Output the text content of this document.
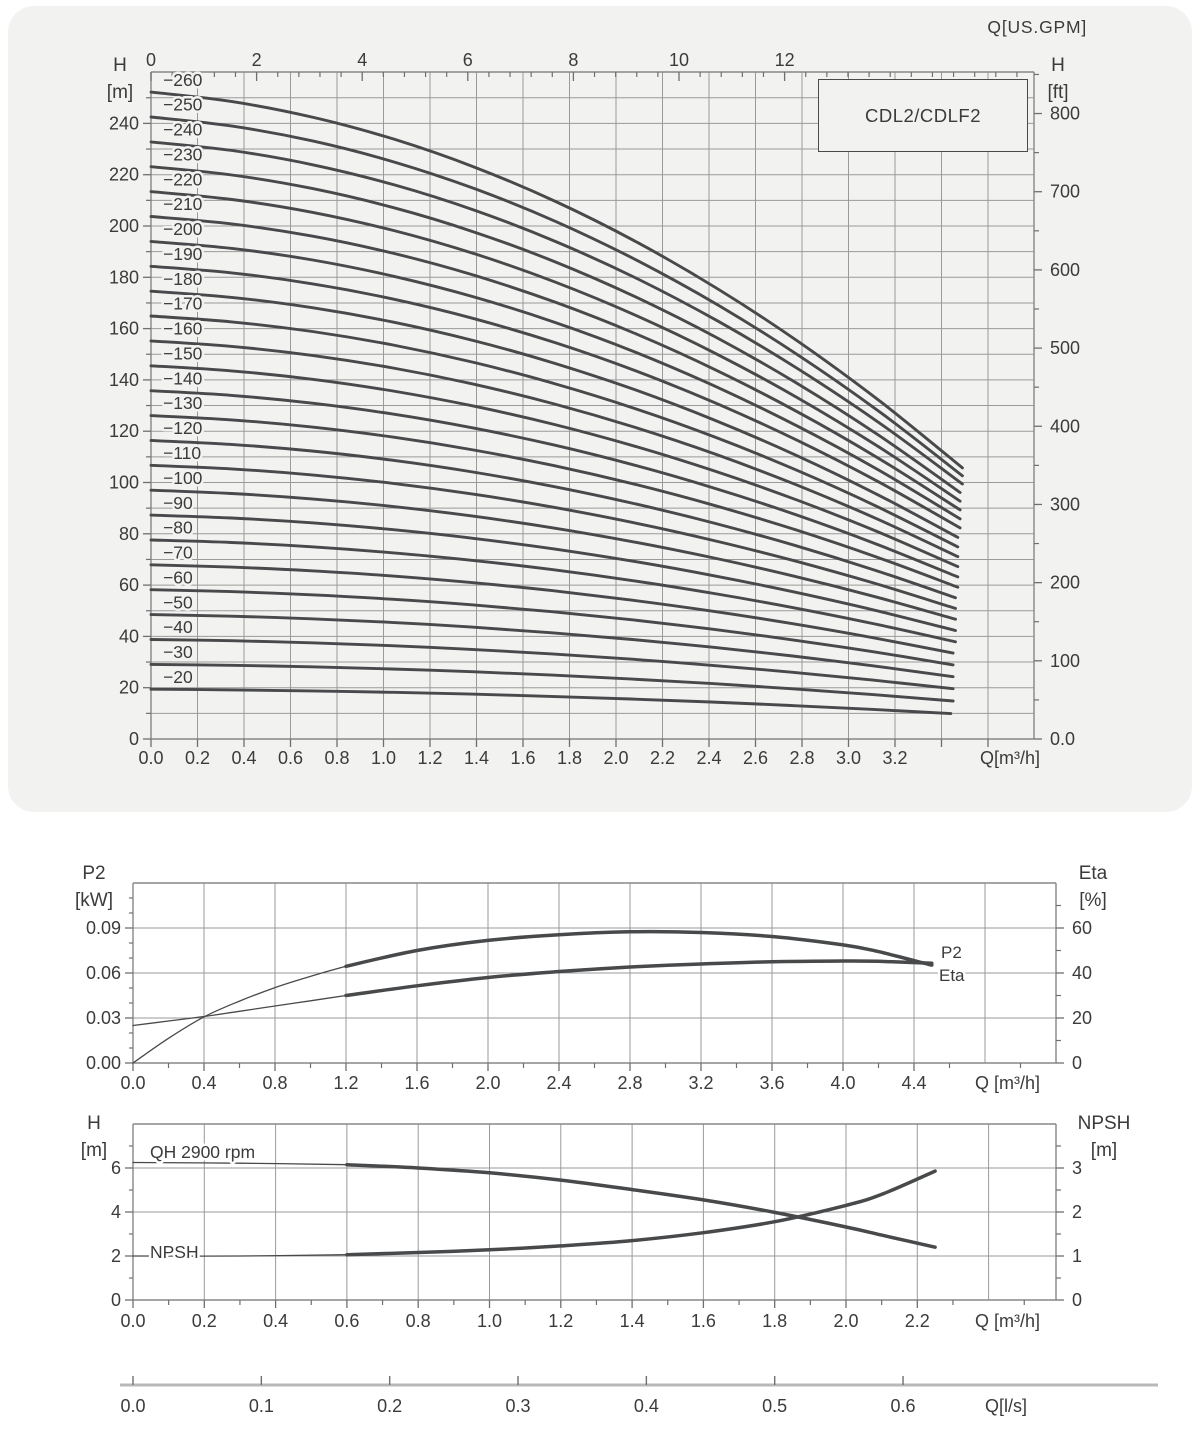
0.0 0.2 0.4 0.6 0.8 1.0 1.2 1.4 1.6 1.8 2.0 2.2 2.4 2.6 2.8 3.0 3.2
0	2	4	6	8	10	12
0
20
40
60
80
100
120
140
160
180
200
220
240
0.0
100
200
300
400
500
600
700
800
Q[m³/h]
−20
−30
−40
−50
−60
−70
−80
−90
−100
−110
−120
−130
−140
−150
−160
−170
−180
−190
−200
−210
−220
−230
−240
−250
−260
0.0	0.4	0.8	1.2	1.6	2.0	2.4	2.8	3.2	3.6	4.0	4.4
0.00
0.03
0.06
0.09
0
20
40
60
Q [m³/h]
P2
Eta
0.0	0.2	0.4	0.6	0.8	1.0	1.2	1.4	1.6	1.8	2.0	2.2
0
2
4
6
0
1
2
3
Q [m³/h]
QH 2900 rpm
NPSH
0.0	0.1	0.2	0.3	0.4	0.5	0.6	Q[l/s]
CDL2/CDLF2
Q[US.GPM]
H
[m]
H
[ft]
P2
[kW]
Eta
[%]
H
[m]
NPSH
[m]
